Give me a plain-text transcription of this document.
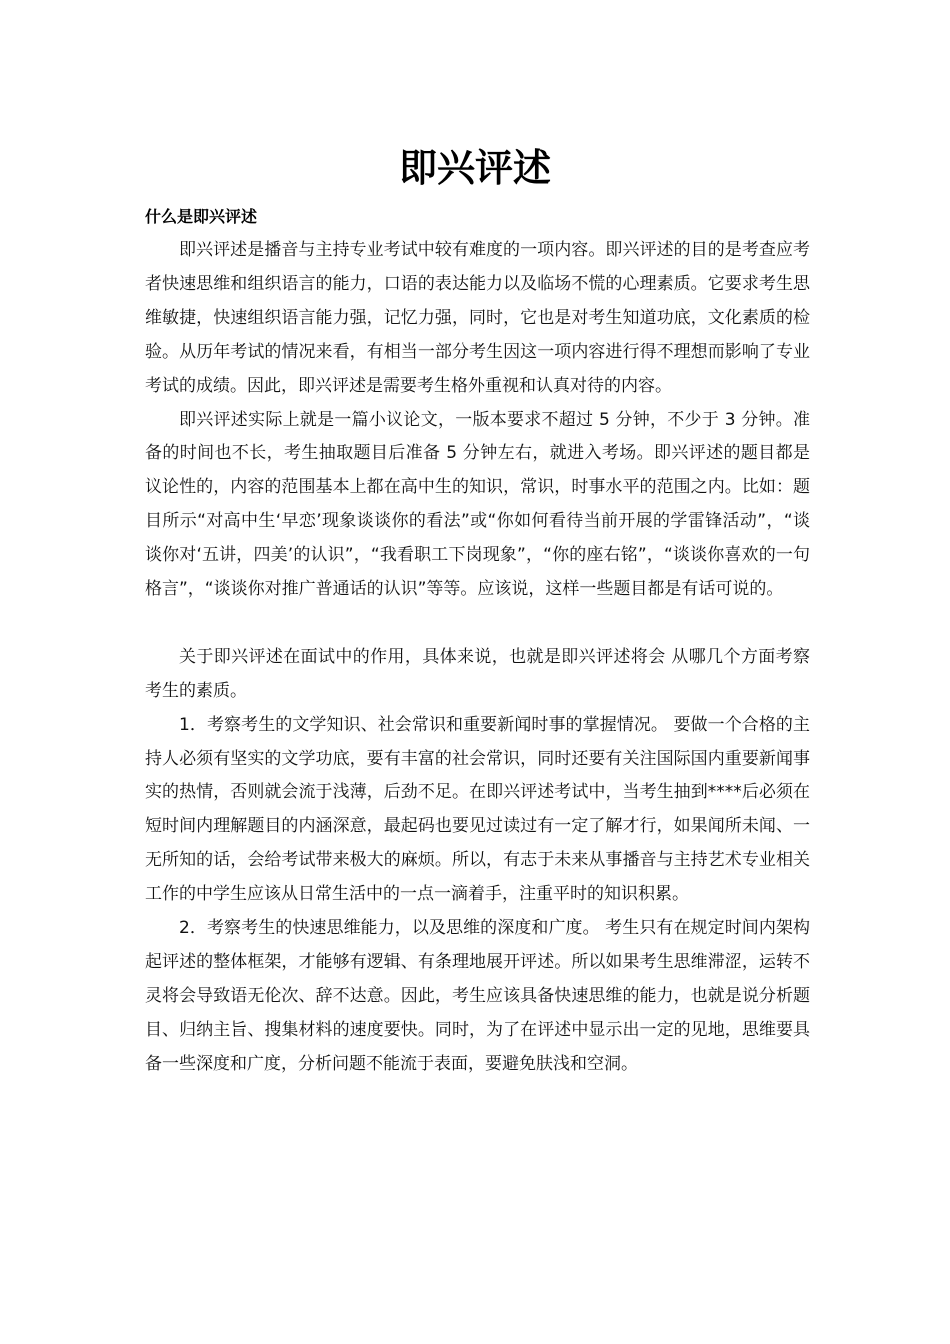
即兴评述
什么是即兴评述

即兴评述是播音与主持专业考试中较有难度的一项内容。即兴评述的目的是考查应考者快速思维和组织语言的能力，口语的表达能力以及临场不慌的心理素质。它要求考生思维敏捷，快速组织语言能力强，记忆力强，同时，它也是对考生知道功底，文化素质的检验。从历年考试的情况来看，有相当一部分考生因这一项内容进行得不理想而影响了专业考试的成绩。因此，即兴评述是需要考生格外重视和认真对待的内容。

即兴评述实际上就是一篇小议论文，一版本要求不超过 5 分钟，不少于 3 分钟。准备的时间也不长，考生抽取题目后准备 5 分钟左右，就进入考场。即兴评述的题目都是议论性的，内容的范围基本上都在高中生的知识，常识，时事水平的范围之内。比如：题目所示“对高中生‘早恋’现象谈谈你的看法”或“你如何看待当前开展的学雷锋活动”，“谈谈你对‘五讲，四美’的认识”，“我看职工下岗现象”，“你的座右铭”，“谈谈你喜欢的一句格言”，“谈谈你对推广普通话的认识”等等。应该说，这样一些题目都是有话可说的。

关于即兴评述在面试中的作用，具体来说，也就是即兴评述将会 从哪几个方面考察考生的素质。

1．考察考生的文学知识、社会常识和重要新闻时事的掌握情况。 要做一个合格的主持人必须有坚实的文学功底，要有丰富的社会常识，同时还要有关注国际国内重要新闻事实的热情，否则就会流于浅薄，后劲不足。在即兴评述考试中，当考生抽到****后必须在短时间内理解题目的内涵深意，最起码也要见过读过有一定了解才行，如果闻所未闻、一无所知的话，会给考试带来极大的麻烦。所以，有志于未来从事播音与主持艺术专业相关工作的中学生应该从日常生活中的一点一滴着手，注重平时的知识积累。

2．考察考生的快速思维能力，以及思维的深度和广度。 考生只有在规定时间内架构起评述的整体框架，才能够有逻辑、有条理地展开评述。所以如果考生思维滞涩，运转不灵将会导致语无伦次、辞不达意。因此，考生应该具备快速思维的能力，也就是说分析题目、归纳主旨、搜集材料的速度要快。同时，为了在评述中显示出一定的见地，思维要具备一些深度和广度，分析问题不能流于表面，要避免肤浅和空洞。
